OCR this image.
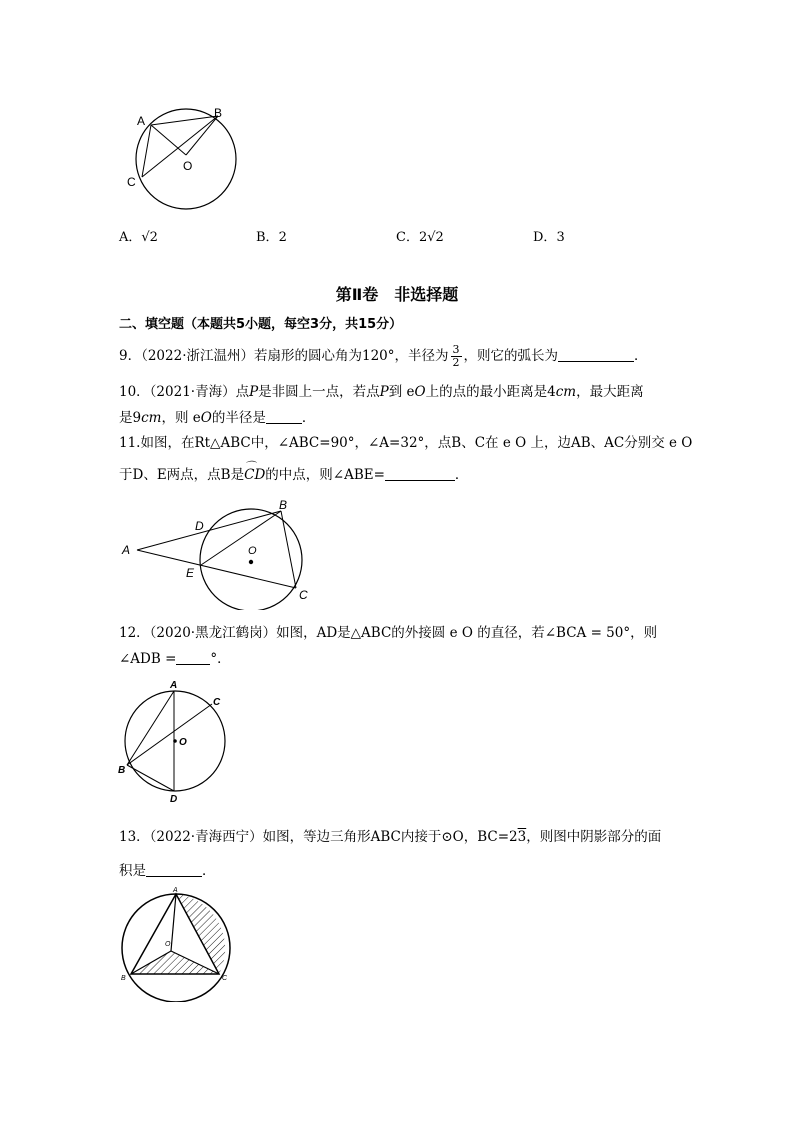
A
B
O
C
A．√2	B．2	C．2√2	D．3
第Ⅱ卷　非选择题
二、填空题（本题共5小题，每空3分，共15分）
9．（2022·浙江温州）若扇形的圆心角为120°，半径为 $\frac{3}{2}$ ，则它的弧长为	．
10．（2021·青海）点P是非圆上一点，若点P到 eO上的点的最小距离是4cm，最大距离
是9cm，则 eO的半径是	．
11.如图，在Rt△ABC中，∠ABC=90°，∠A=32°，点B、C在 e O 上，边AB、AC分别交 e O
于D、E两点，点B是⌒ CD的中点，则∠ABE=	．
A
B
C
D
E
O
12．（2020·黑龙江鹤岗）如图，AD是△ABC的外接圆 e O 的直径，若∠BCA = 50°，则
∠ADB =	°．
A
C
O
B
D
13．（2022·青海西宁）如图，等边三角形ABC内接于⊙O，BC=23，则图中阴影部分的面
积是	．
A
O
B	C
